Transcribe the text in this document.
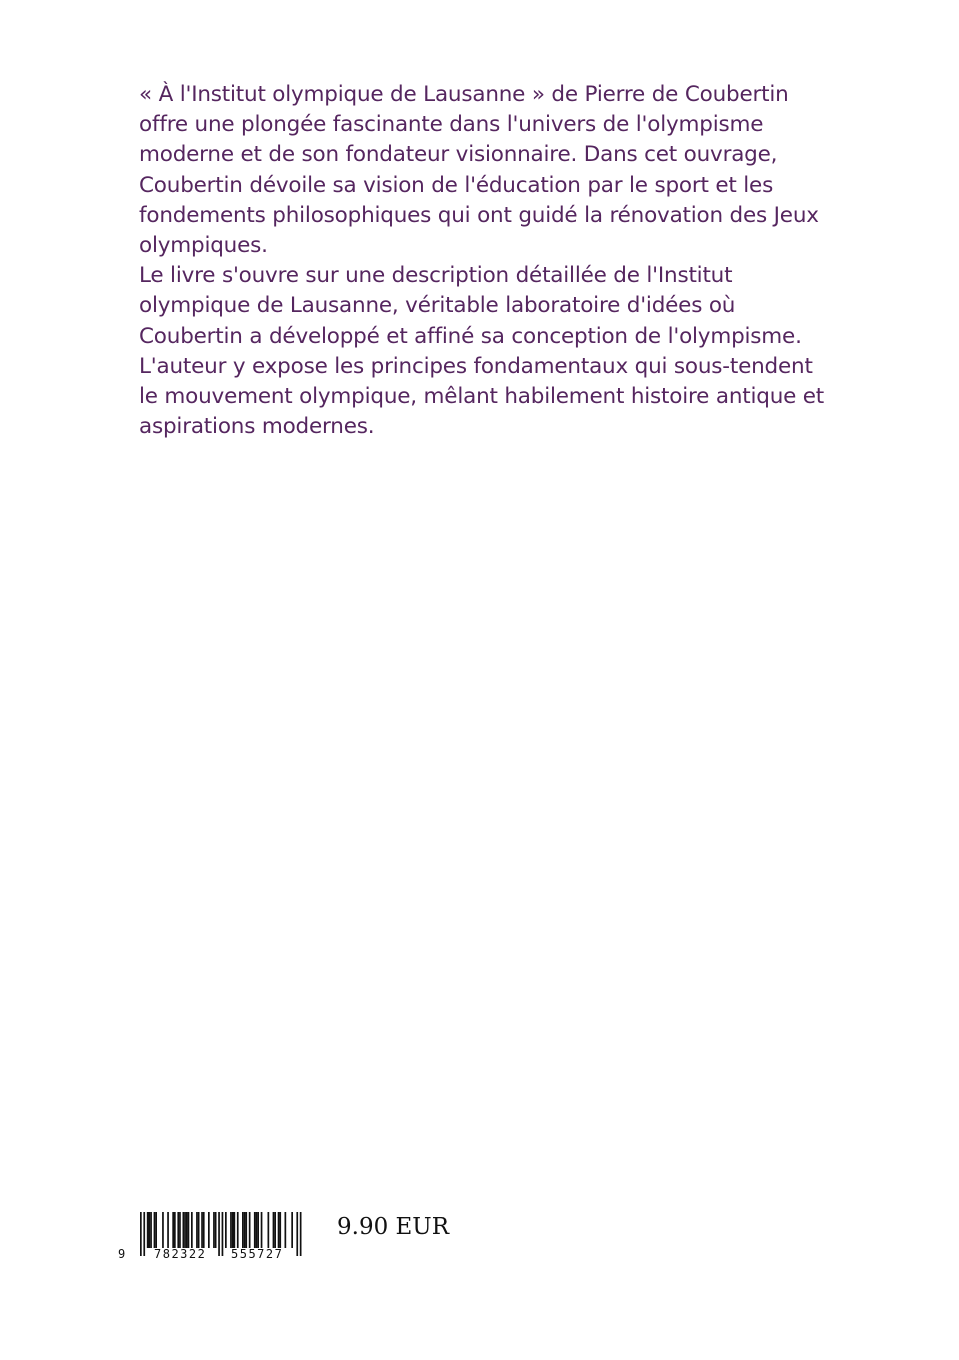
« À l'Institut olympique de Lausanne » de Pierre de Coubertin
offre une plongée fascinante dans l'univers de l'olympisme
moderne et de son fondateur visionnaire. Dans cet ouvrage,
Coubertin dévoile sa vision de l'éducation par le sport et les
fondements philosophiques qui ont guidé la rénovation des Jeux
olympiques.
Le livre s'ouvre sur une description détaillée de l'Institut
olympique de Lausanne, véritable laboratoire d'idées où
Coubertin a développé et affiné sa conception de l'olympisme.
L'auteur y expose les principes fondamentaux qui sous-tendent
le mouvement olympique, mêlant habilement histoire antique et
aspirations modernes.
9 782322 555727
9.90 EUR
